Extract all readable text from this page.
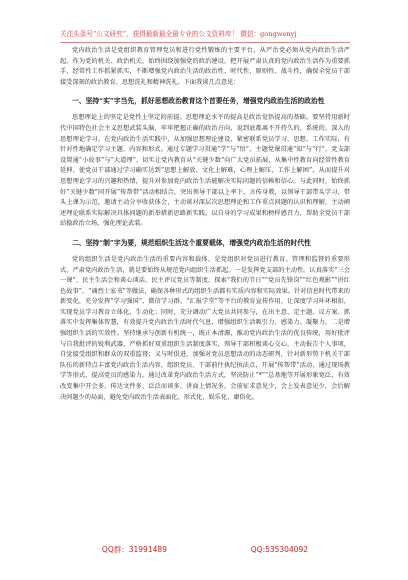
关注头条号“公文研究”，获得最新最全最专业的公文资料库！ 微信：gongwenyj

党内政治生活是党组织教育管理党员和进行党性锻炼的主要平台，从严治党必须从党内政治生活严起。作为党的机关、政治机关，始终围绕加强党的政治建设，把开展严肃认真的党内政治生活作为重要抓手，经常性工作抓紧抓实，不断增强党内政治生活的政治性、时代性、原则性、战斗性，确保全党员干部接受深刻的政治教育、思想洗礼和精神洗礼。下面我谈几点意见：

一、坚持“实”字当先，抓好思想政治教育这个首要任务，增强党内政治生活的政治性

思想理论上的坚定是党性上坚定的前提。思想理论水平的提高是政治觉悟提高的基础。要坚持用新时代中国特色社会主义思想武装头脑，牢牢把握正确的政治方向，说到底都离不开持久的、系统的、深入的思想理论学习。在党内政治生活实践中，从加强思想理论建设，紧密联系党员学习、思想、工作实际，有针对性地确定学习主题、内容和形式。通过专题学习贯通“学”与“悟”，主题党课贯通“知”与“行”，党支部设置通“小故事”与“大道理”，切实让党内教育从“关键少数”向广大党员拓展，从集中性教育向经常性教育延伸。使党员干部通过学习确实达到“思想上解放、文化上解难，心理上解压，工作上解困”，从而提升对思想理论学习的兴趣和热情，提升对参加党内政治生活能解决实际问题的信赖和信心。与此同时，始终抓好“关键少数”同开展“传帮带”活动相结合，突出领导干部以上率下、言传身教，以领导干部带头学习，带头上课为示范，邀请主动分享收获体会，主动谈对深层次思想理论和工作重点问题的认识和理解，主动阐述理论联系实际解决具体问题的新举措新思路新实践，以自身的学习成果和榜样感召力，帮助全党员干部站稳政治立场，强化理论武装。

二、坚持“制”字为要，规范组织生活这个重要载体，增强党内政治生活的时代性

党的组织生活是党内政治生活的重要内容和载体，是党组织对党员进行教育、管理和监督的重要形式。严肃党内政治生活，就是要始终从规范党内组织生活抓起。一是发挥党支部的主动性。认真落实“三会一课”、民主生活会和谈心谈话、民主评议党员等制度，探索“我们的节日”“党员先锋岗”“红色观影”“讲红色故事”、“诵烈士家书”等做法，确保各种形式的组织生活都有实质内容和实际效果。针对信息时代带来的新变化，充分发挥“学习强国”、微信学习群、“汇报学堂”等平台的教育宣传作用，让深度学习环环相扣，实现党员学习教育立体化、生动化；同时，充分调动广大党员共同参与，在出主意、定主题、议方案、抓落实中发挥集体智慧，有效提升党内政治生活时代气息，增强组织生活吸引力、感染力、凝聚力。二是增强组织生活的实效性。坚持继承与创新有机统一，既正本清源，推动党内政治生活的优良传统，用好批评与自我批评的锐利武器，严格抓好双重组织生活制度落实，领导干部积极谈心交心，主动报告个人事项，自觉接受组织和群众的双重监督；又与时俱进，加强对党员思想活动的动态研判，针对新形势下机关干部队伍的新特点丰富党内政治生活内容，组织党员、干部前往执纪执法点，开展“传帮带”活动，通过现场教学等形式，提高党员的感染力。通过改革党内政治生活方式，坚决防止“*”“总基地等开展形象宽泛，有效改变集中开会多、传达文件多、泛泛而谈多，讲面上情况多，会前征求意见少，会上发表意见少，会后解决问题少的局面，避免党内政治生活表面化、形式化、娱乐化、庸俗化。

QQ群：31991489	QQ:535304092
